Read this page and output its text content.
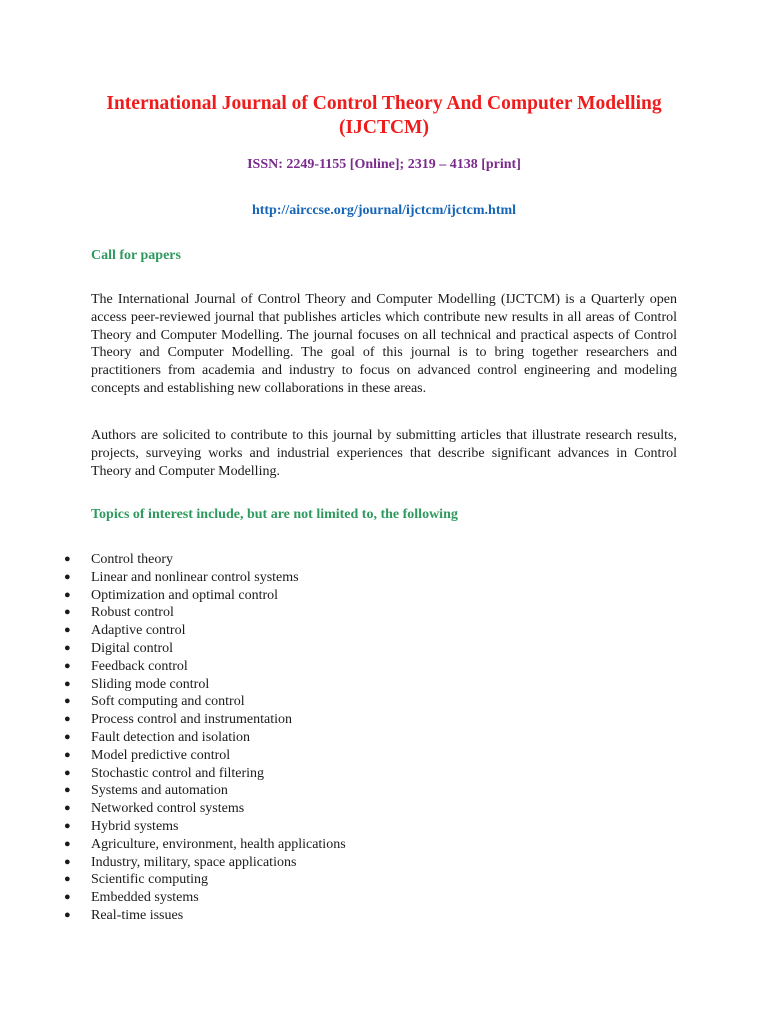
International Journal of Control Theory And Computer Modelling (IJCTCM)
ISSN: 2249-1155 [Online]; 2319 – 4138 [print]
http://airccse.org/journal/ijctcm/ijctcm.html
Call for papers

The International Journal of Control Theory and Computer Modelling (IJCTCM) is a Quarterly open access peer-reviewed journal that publishes articles which contribute new results in all areas of Control Theory and Computer Modelling. The journal focuses on all technical and practical aspects of Control Theory and Computer Modelling. The goal of this journal is to bring together researchers and practitioners from academia and industry to focus on advanced control engineering and modeling concepts and establishing new collaborations in these areas.

Authors are solicited to contribute to this journal by submitting articles that illustrate research results, projects, surveying works and industrial experiences that describe significant advances in Control Theory and Computer Modelling.

Topics of interest include, but are not limited to, the following
● Control theory
● Linear and nonlinear control systems
● Optimization and optimal control
● Robust control
● Adaptive control
● Digital control
● Feedback control
● Sliding mode control
● Soft computing and control
● Process control and instrumentation
● Fault detection and isolation
● Model predictive control
● Stochastic control and filtering
● Systems and automation
● Networked control systems
● Hybrid systems
● Agriculture, environment, health applications
● Industry, military, space applications
● Scientific computing
● Embedded systems
● Real-time issues
